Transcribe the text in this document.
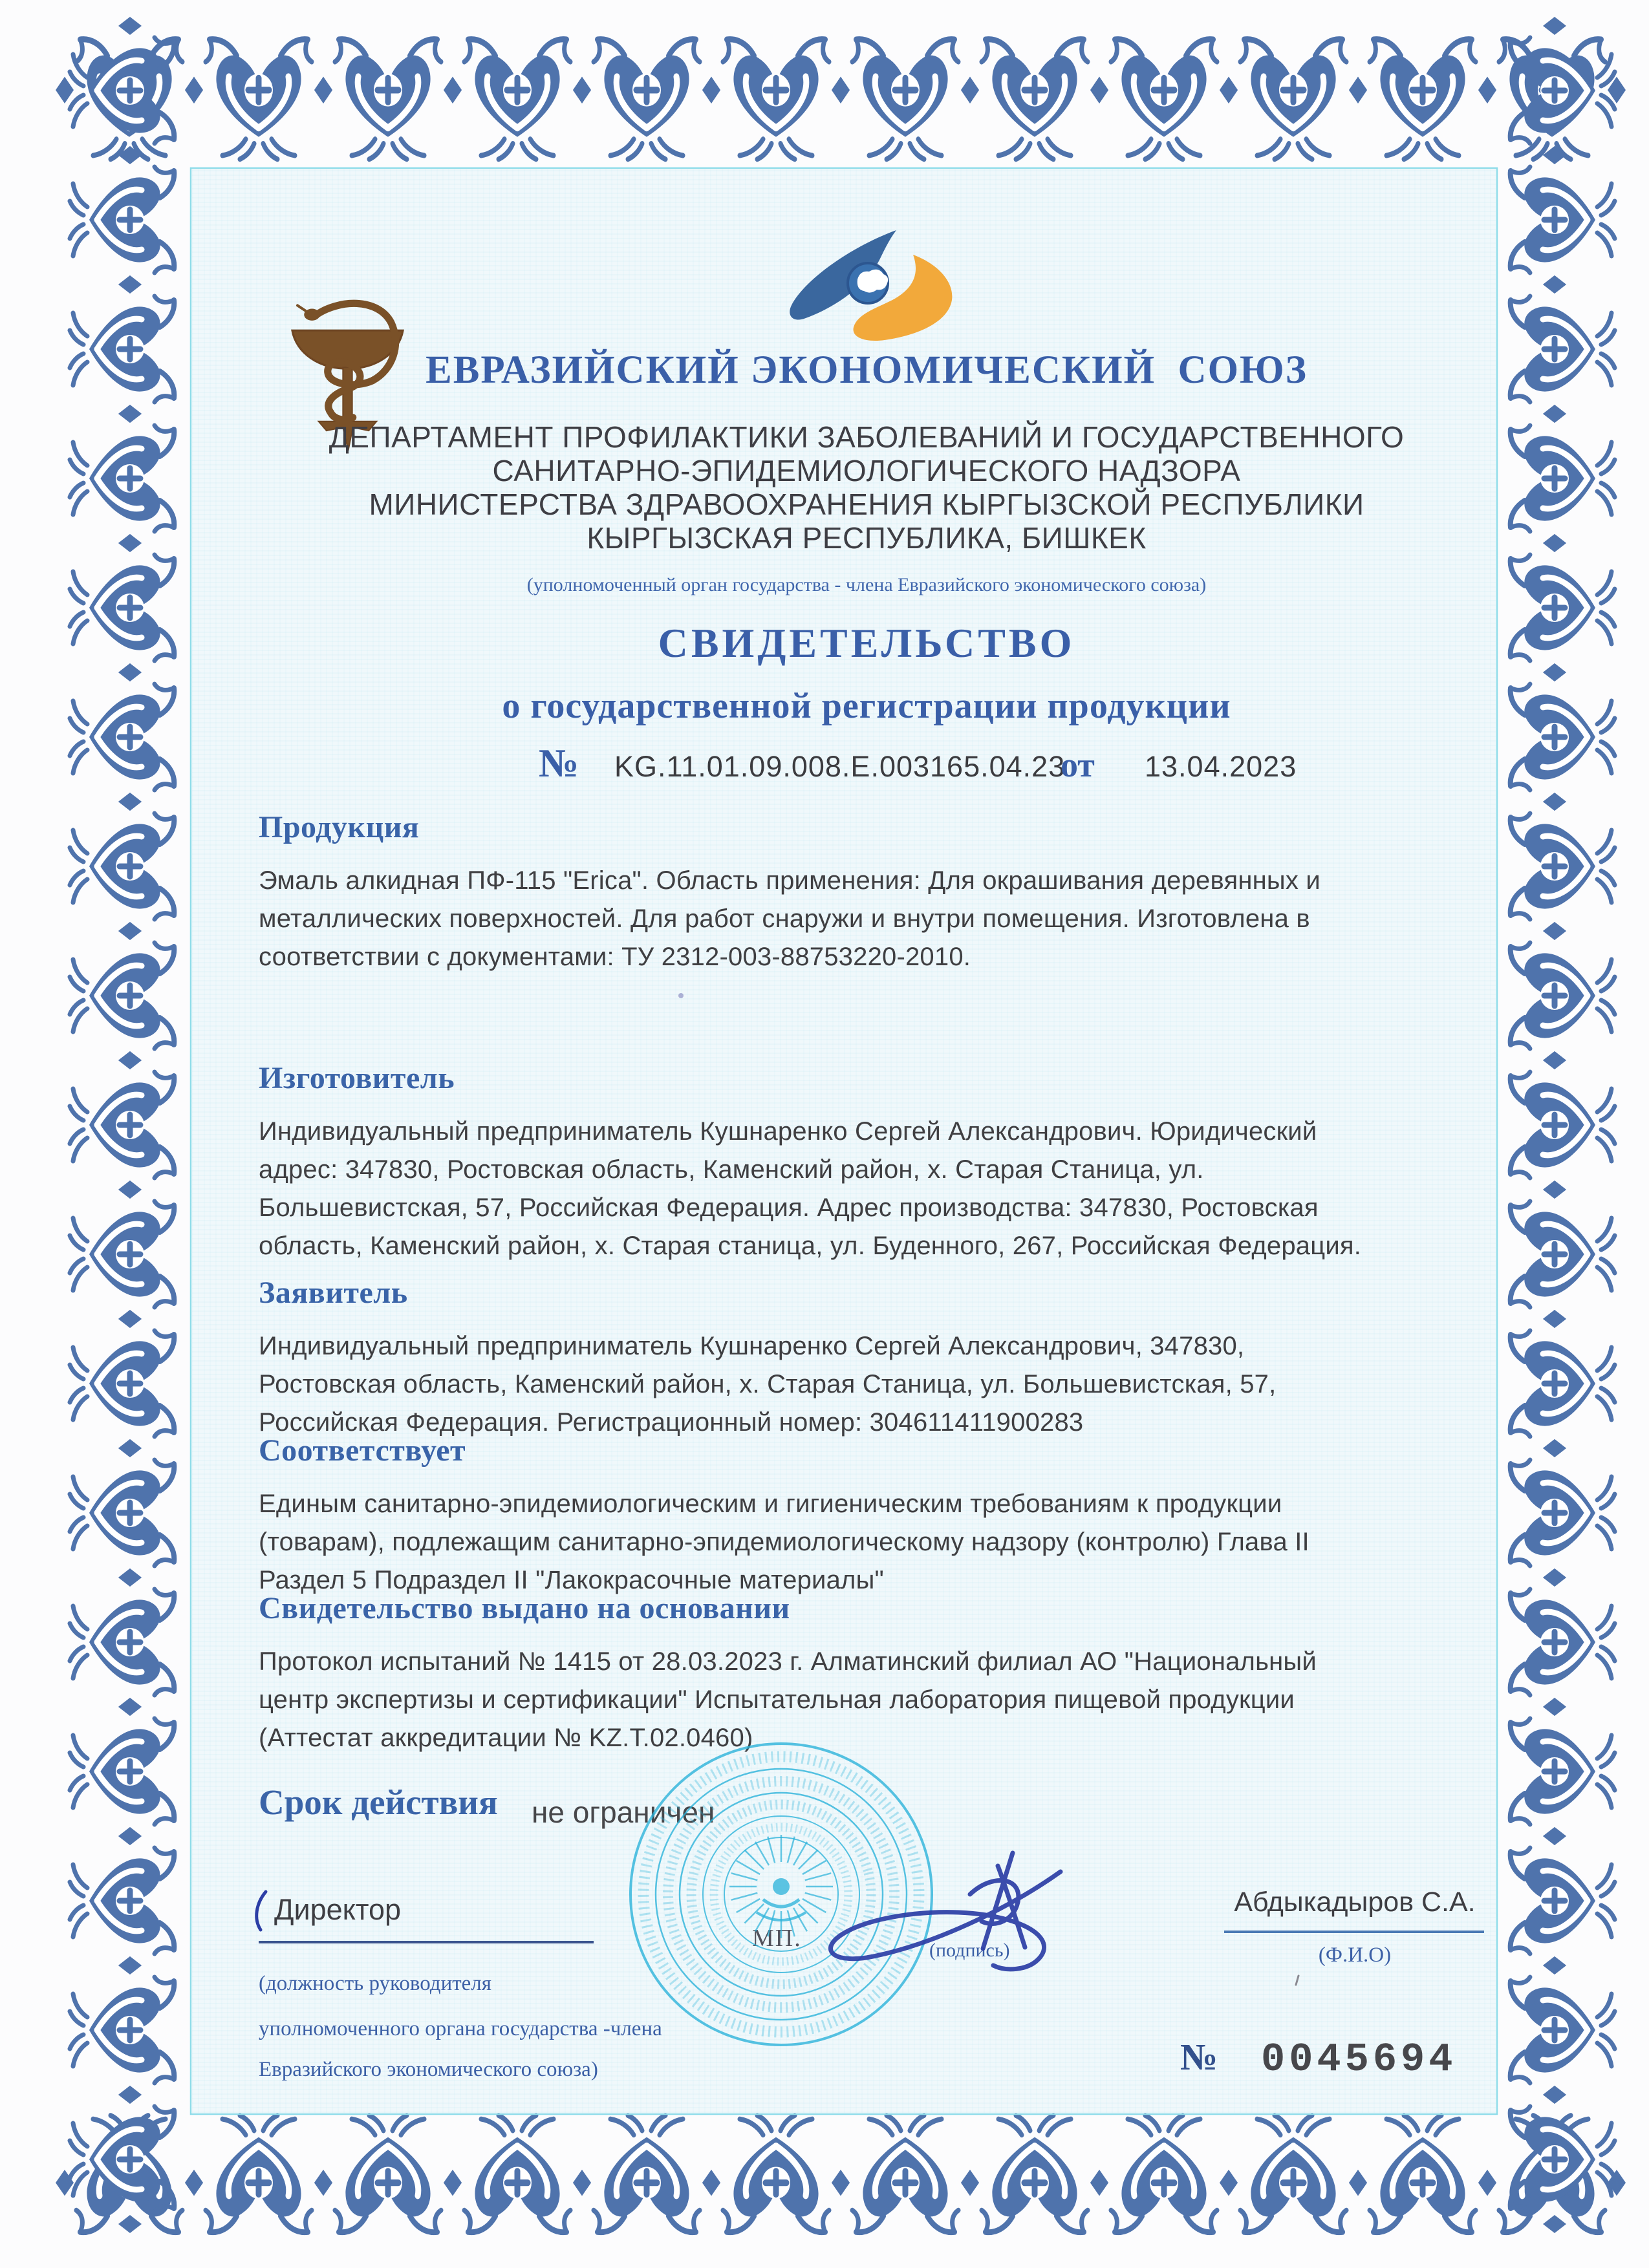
ЕВРАЗИЙСКИЙ ЭКОНОМИЧЕСКИЙ  СОЮЗ
ДЕПАРТАМЕНТ ПРОФИЛАКТИКИ ЗАБОЛЕВАНИЙ И ГОСУДАРСТВЕННОГО
САНИТАРНО-ЭПИДЕМИОЛОГИЧЕСКОГО НАДЗОРА
МИНИСТЕРСТВА ЗДРАВООХРАНЕНИЯ КЫРГЫЗСКОЙ РЕСПУБЛИКИ
КЫРГЫЗСКАЯ РЕСПУБЛИКА, БИШКЕК
(уполномоченный орган государства - члена Евразийского экономического союза)
СВИДЕТЕЛЬСТВО
о государственной регистрации продукции
№ KG.11.01.09.008.E.003165.04.23
от 13.04.2023
Продукция

Эмаль алкидная ПФ-115 "Erica". Область применения: Для окрашивания деревянных и металлических поверхностей. Для работ снаружи и внутри помещения. Изготовлена в соответствии с документами: ТУ 2312-003-88753220-2010.

Изготовитель

Индивидуальный предприниматель Кушнаренко Сергей Александрович. Юридический адрес: 347830, Ростовская область, Каменский район, х. Старая Станица, ул. Большевистская, 57, Российская Федерация. Адрес производства: 347830, Ростовская область, Каменский район, х. Старая станица, ул. Буденного, 267, Российская Федерация.

Заявитель

Индивидуальный предприниматель Кушнаренко Сергей Александрович, 347830, Ростовская область, Каменский район, х. Старая Станица, ул. Большевистская, 57, Российская Федерация. Регистрационный номер: 304611411900283

Соответствует

Единым санитарно-эпидемиологическим и гигиеническим требованиям к продукции (товарам), подлежащим санитарно-эпидемиологическому надзору (контролю) Глава II Раздел 5 Подраздел II "Лакокрасочные материалы"

Свидетельство выдано на основании

Протокол испытаний № 1415 от 28.03.2023 г. Алматинский филиал АО "Национальный центр экспертизы и сертификации" Испытательная лаборатория пищевой продукции (Аттестат аккредитации № KZ.T.02.0460)

Срок действия не ограничен
Директор
(должность руководителя
уполномоченного органа государства -члена
Евразийского экономического союза)
МП.	(подпись)
Абдыкадыров С.А.
(Ф.И.О)
№ 0045694
